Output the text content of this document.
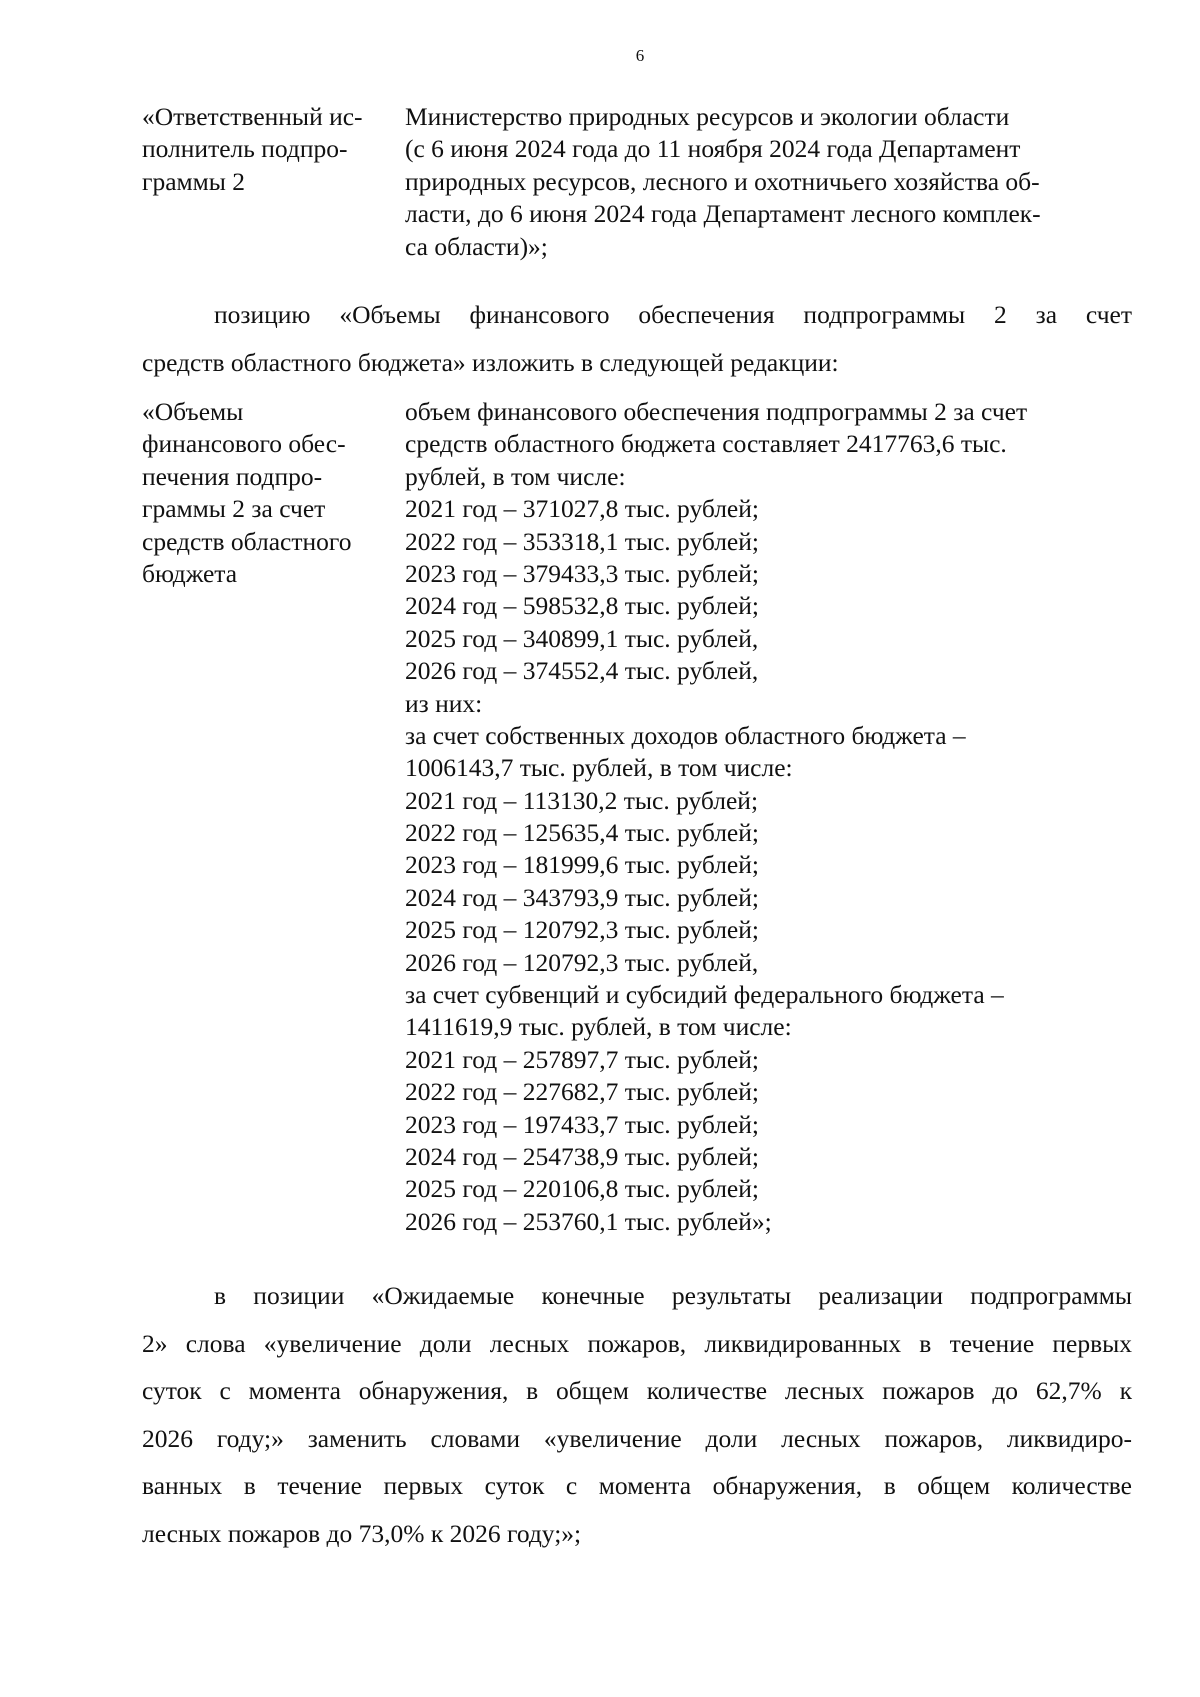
6
«Ответственный ис-
полнитель подпро-
граммы 2
Министерство природных ресурсов и экологии области
(с 6 июня 2024 года до 11 ноября 2024 года Департамент
природных ресурсов, лесного и охотничьего хозяйства об-
ласти, до 6 июня 2024 года Департамент лесного комплек-
са области)»;
позицию «Объемы финансового обеспечения подпрограммы 2 за счет
средств областного бюджета» изложить в следующей редакции:
«Объемы
финансового обес-
печения подпро-
граммы 2 за счет
средств областного
бюджета
объем финансового обеспечения подпрограммы 2 за счет
средств областного бюджета составляет 2417763,6 тыс.
рублей, в том числе:
2021 год – 371027,8 тыс. рублей;
2022 год – 353318,1 тыс. рублей;
2023 год – 379433,3 тыс. рублей;
2024 год – 598532,8 тыс. рублей;
2025 год – 340899,1 тыс. рублей,
2026 год – 374552,4 тыс. рублей,
из них:
за счет собственных доходов областного бюджета –
1006143,7 тыс. рублей, в том числе:
2021 год – 113130,2 тыс. рублей;
2022 год – 125635,4 тыс. рублей;
2023 год – 181999,6 тыс. рублей;
2024 год – 343793,9 тыс. рублей;
2025 год – 120792,3 тыс. рублей;
2026 год – 120792,3 тыс. рублей,
за счет субвенций и субсидий федерального бюджета –
1411619,9 тыс. рублей, в том числе:
2021 год – 257897,7 тыс. рублей;
2022 год – 227682,7 тыс. рублей;
2023 год – 197433,7 тыс. рублей;
2024 год – 254738,9 тыс. рублей;
2025 год – 220106,8 тыс. рублей;
2026 год – 253760,1 тыс. рублей»;
в позиции «Ожидаемые конечные результаты реализации подпрограммы
2» слова «увеличение доли лесных пожаров, ликвидированных в течение первых
суток с момента обнаружения, в общем количестве лесных пожаров до 62,7% к
2026 году;» заменить словами «увеличение доли лесных пожаров, ликвидиро-
ванных в течение первых суток с момента обнаружения, в общем количестве
лесных пожаров до 73,0% к 2026 году;»;
